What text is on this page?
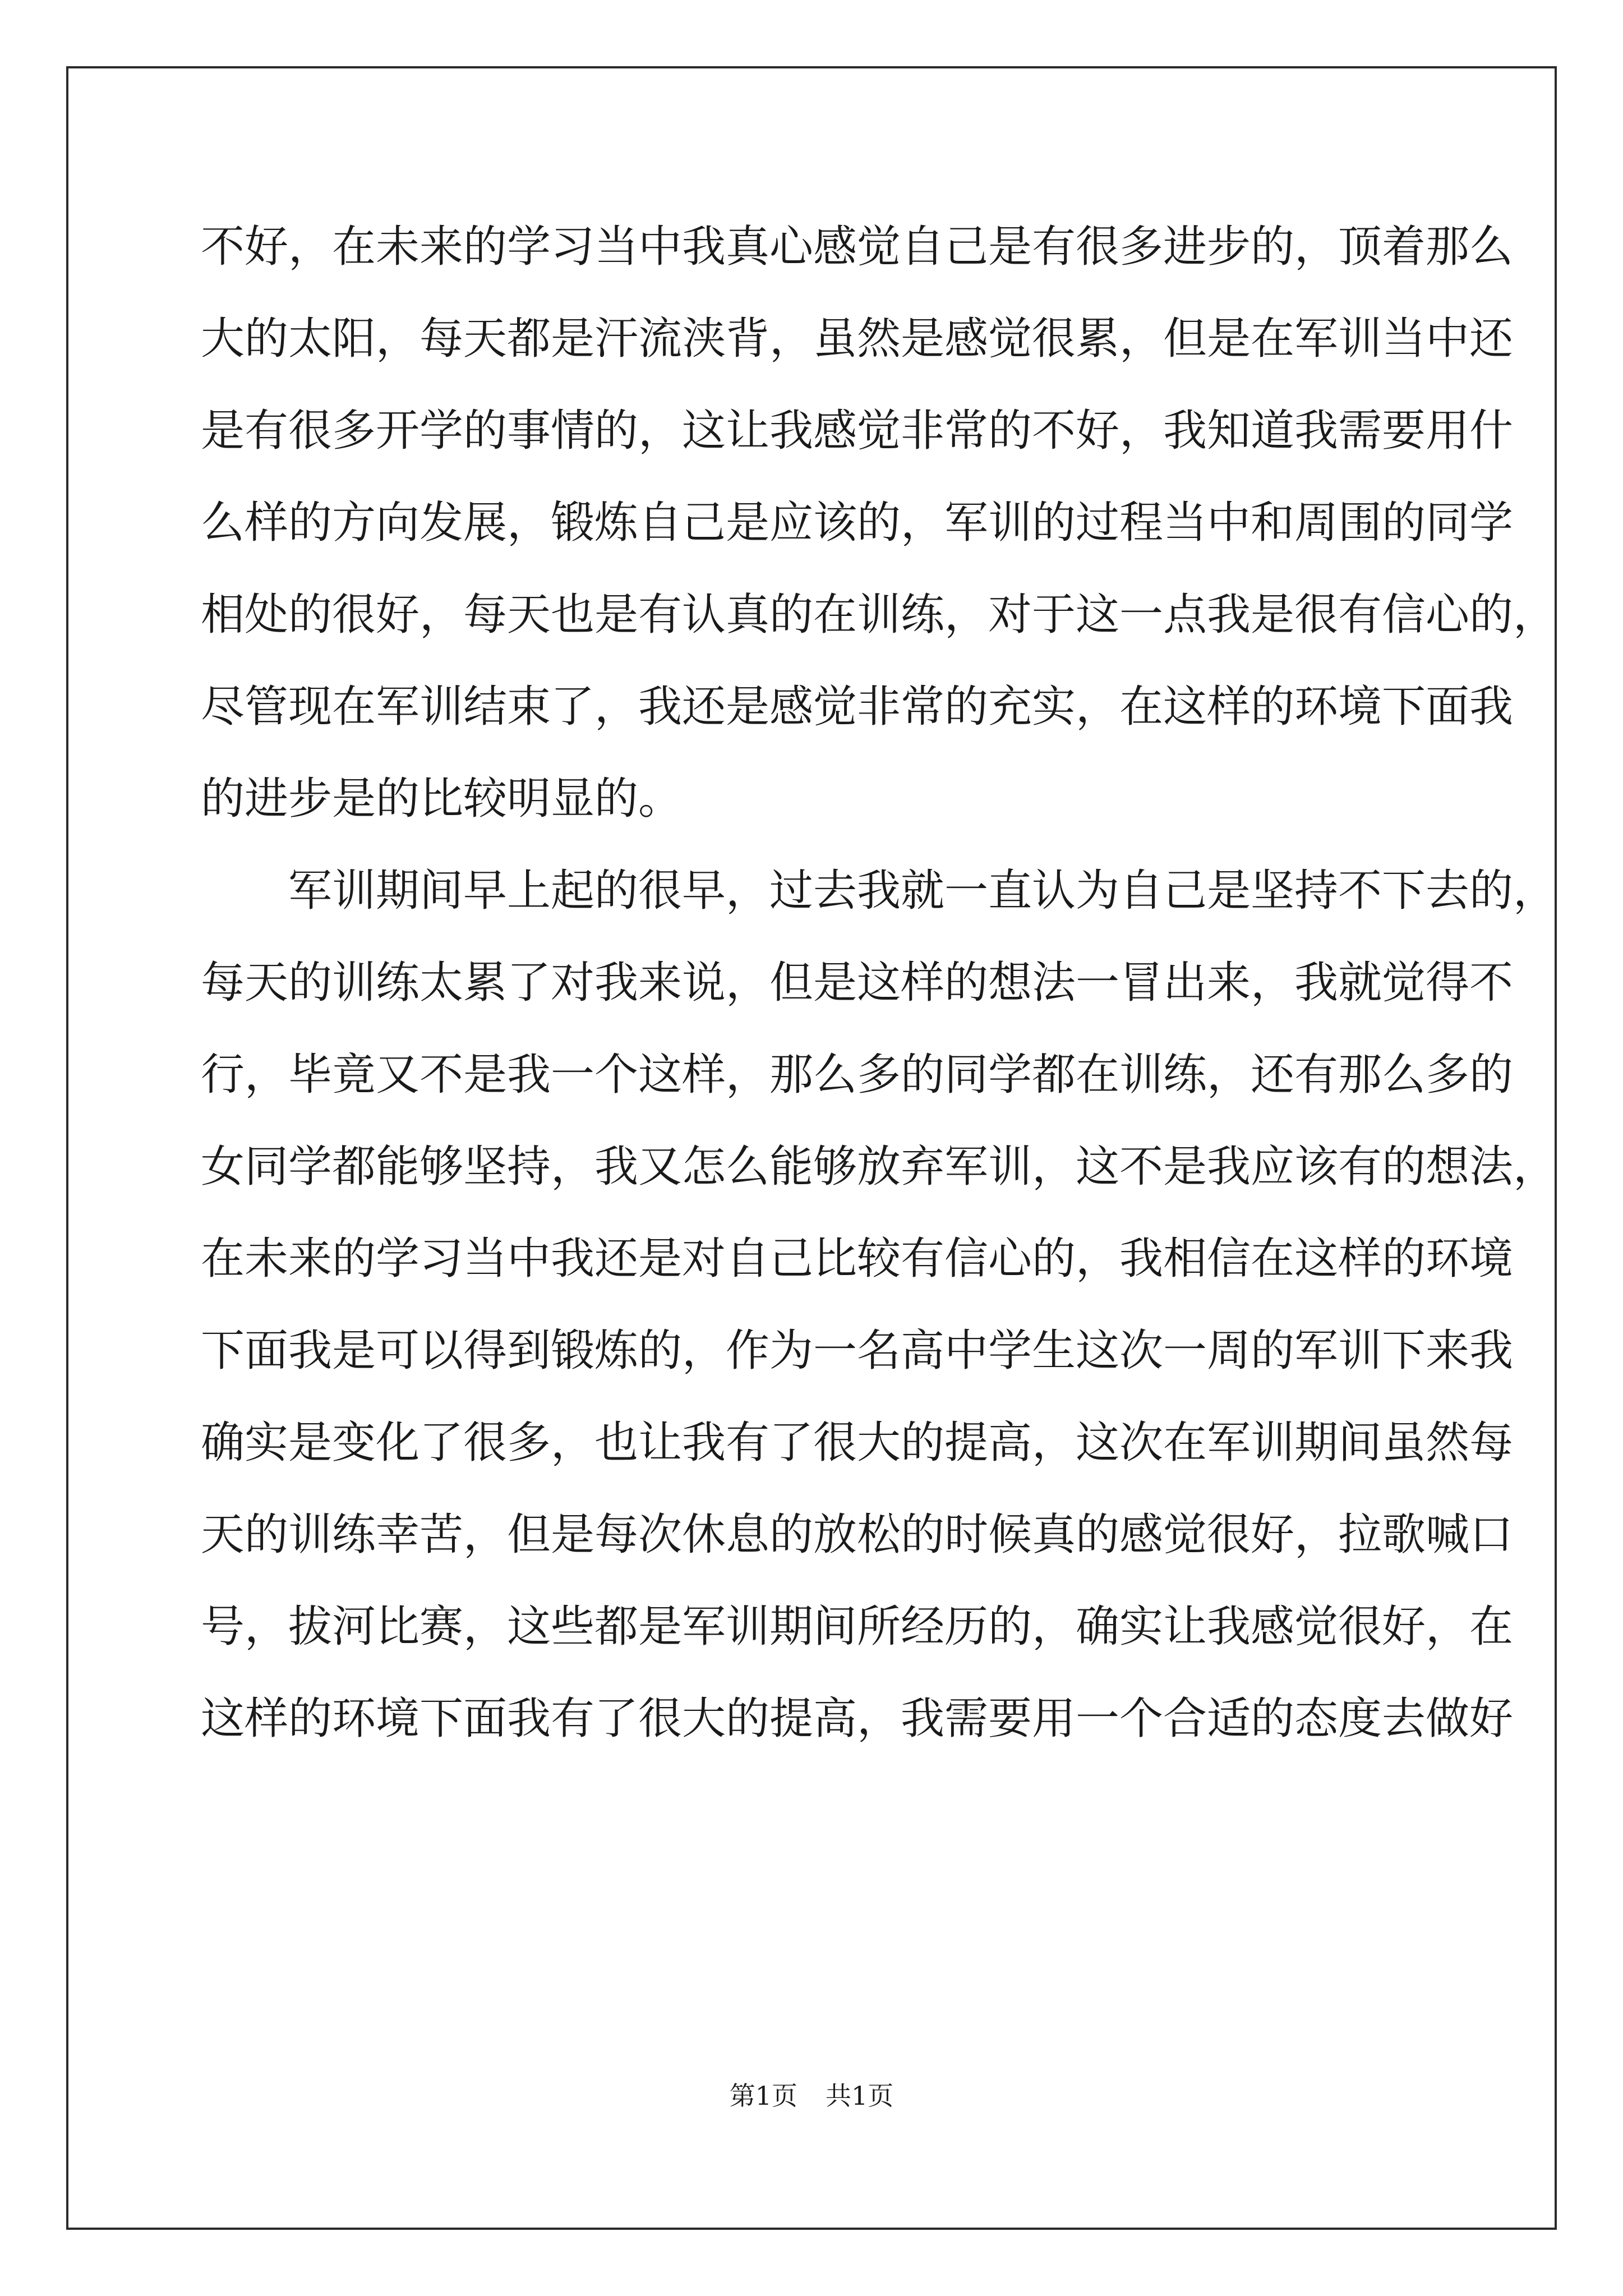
不好，在未来的学习当中我真心感觉自己是有很多进步的，顶着那么

大的太阳，每天都是汗流浃背，虽然是感觉很累，但是在军训当中还

是有很多开学的事情的，这让我感觉非常的不好，我知道我需要用什

么样的方向发展，锻炼自己是应该的，军训的过程当中和周围的同学

相处的很好，每天也是有认真的在训练，对于这一点我是很有信心的，

尽管现在军训结束了，我还是感觉非常的充实，在这样的环境下面我

的进步是的比较明显的。

　　军训期间早上起的很早，过去我就一直认为自己是坚持不下去的，

每天的训练太累了对我来说，但是这样的想法一冒出来，我就觉得不

行，毕竟又不是我一个这样，那么多的同学都在训练，还有那么多的

女同学都能够坚持，我又怎么能够放弃军训，这不是我应该有的想法，

在未来的学习当中我还是对自己比较有信心的，我相信在这样的环境

下面我是可以得到锻炼的，作为一名高中学生这次一周的军训下来我

确实是变化了很多，也让我有了很大的提高，这次在军训期间虽然每

天的训练幸苦，但是每次休息的放松的时候真的感觉很好，拉歌喊口

号，拔河比赛，这些都是军训期间所经历的，确实让我感觉很好，在

这样的环境下面我有了很大的提高，我需要用一个合适的态度去做好

第1页 共1页
